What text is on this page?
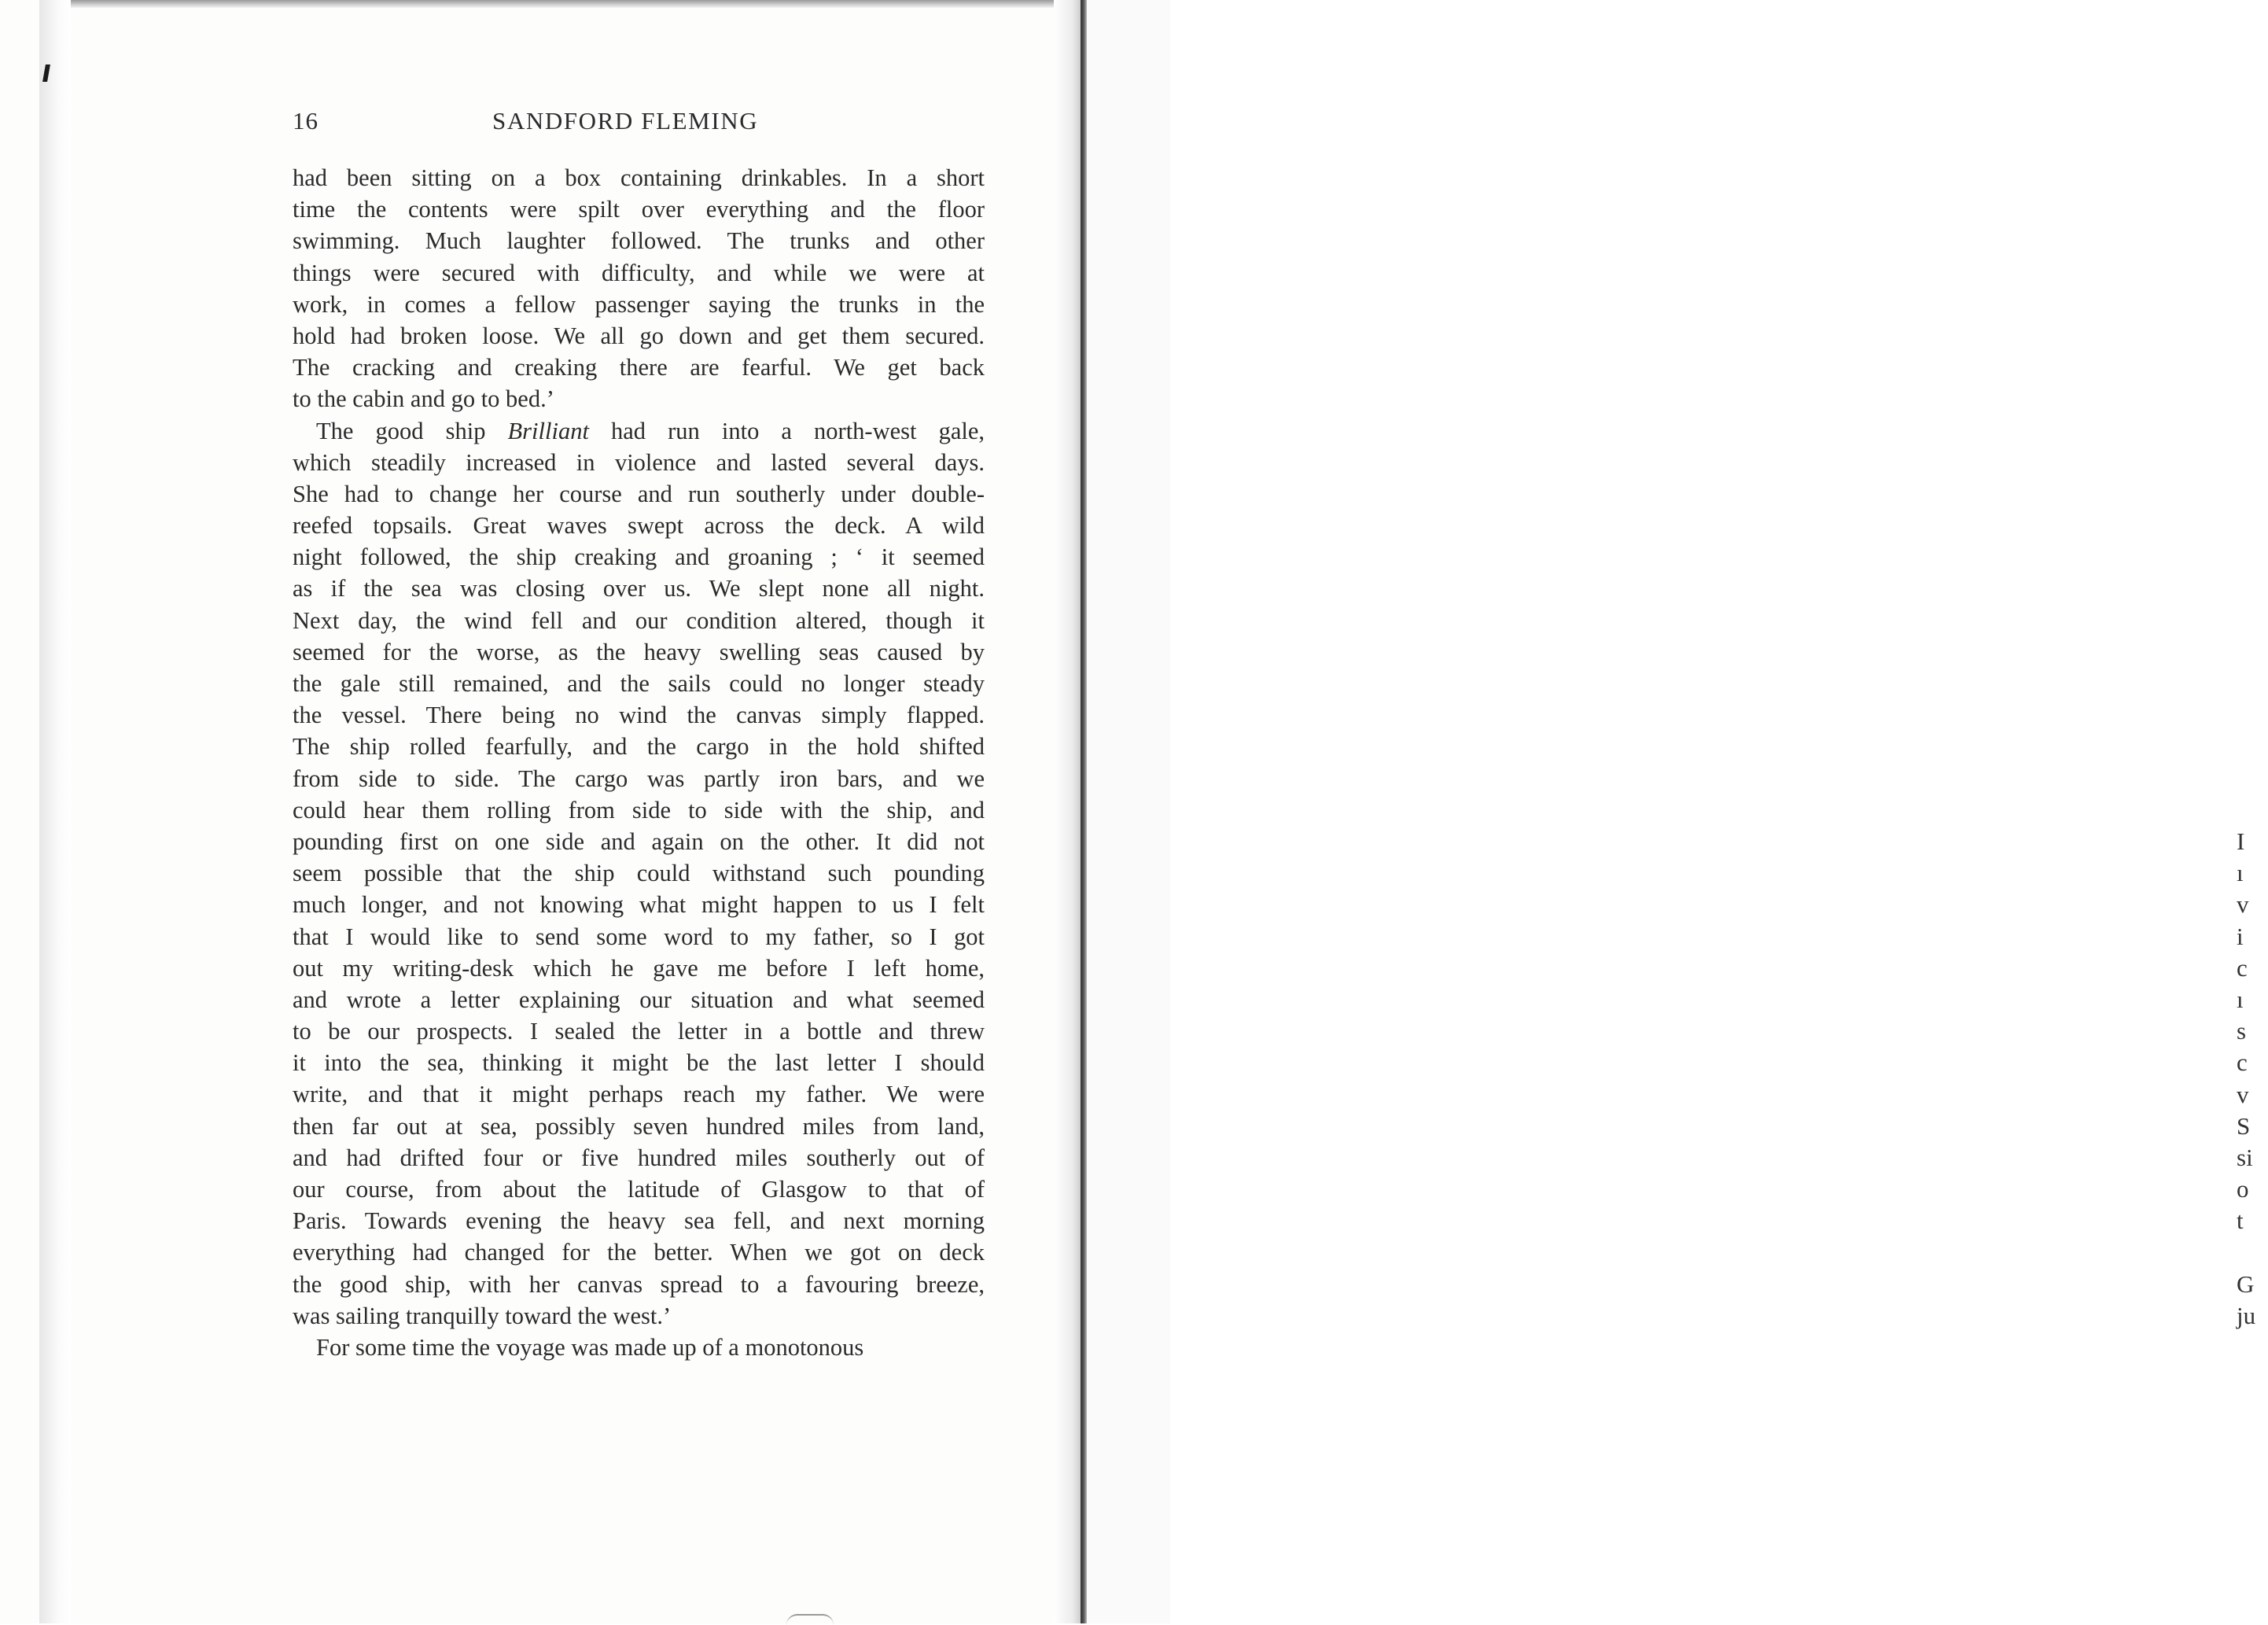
I
ı
v
i
c
ı
s
c
v
S
si
o
t
G
ju
16	SANDFORD FLEMING
had been sitting on a box containing drinkables. In a short
time the contents were spilt over everything and the floor
swimming. Much laughter followed. The trunks and other
things were secured with difficulty, and while we were at
work, in comes a fellow passenger saying the trunks in the
hold had broken loose. We all go down and get them secured.
The cracking and creaking there are fearful. We get back
to the cabin and go to bed.’
The good ship Brilliant had run into a north-west gale,
which steadily increased in violence and lasted several days.
She had to change her course and run southerly under double-
reefed topsails. Great waves swept across the deck. A wild
night followed, the ship creaking and groaning ; ‘ it seemed
as if the sea was closing over us. We slept none all night.
Next day, the wind fell and our condition altered, though it
seemed for the worse, as the heavy swelling seas caused by
the gale still remained, and the sails could no longer steady
the vessel. There being no wind the canvas simply flapped.
The ship rolled fearfully, and the cargo in the hold shifted
from side to side. The cargo was partly iron bars, and we
could hear them rolling from side to side with the ship, and
pounding first on one side and again on the other. It did not
seem possible that the ship could withstand such pounding
much longer, and not knowing what might happen to us I felt
that I would like to send some word to my father, so I got
out my writing-desk which he gave me before I left home,
and wrote a letter explaining our situation and what seemed
to be our prospects. I sealed the letter in a bottle and threw
it into the sea, thinking it might be the last letter I should
write, and that it might perhaps reach my father. We were
then far out at sea, possibly seven hundred miles from land,
and had drifted four or five hundred miles southerly out of
our course, from about the latitude of Glasgow to that of
Paris. Towards evening the heavy sea fell, and next morning
everything had changed for the better. When we got on deck
the good ship, with her canvas spread to a favouring breeze,
was sailing tranquilly toward the west.’
For some time the voyage was made up of a monotonous
